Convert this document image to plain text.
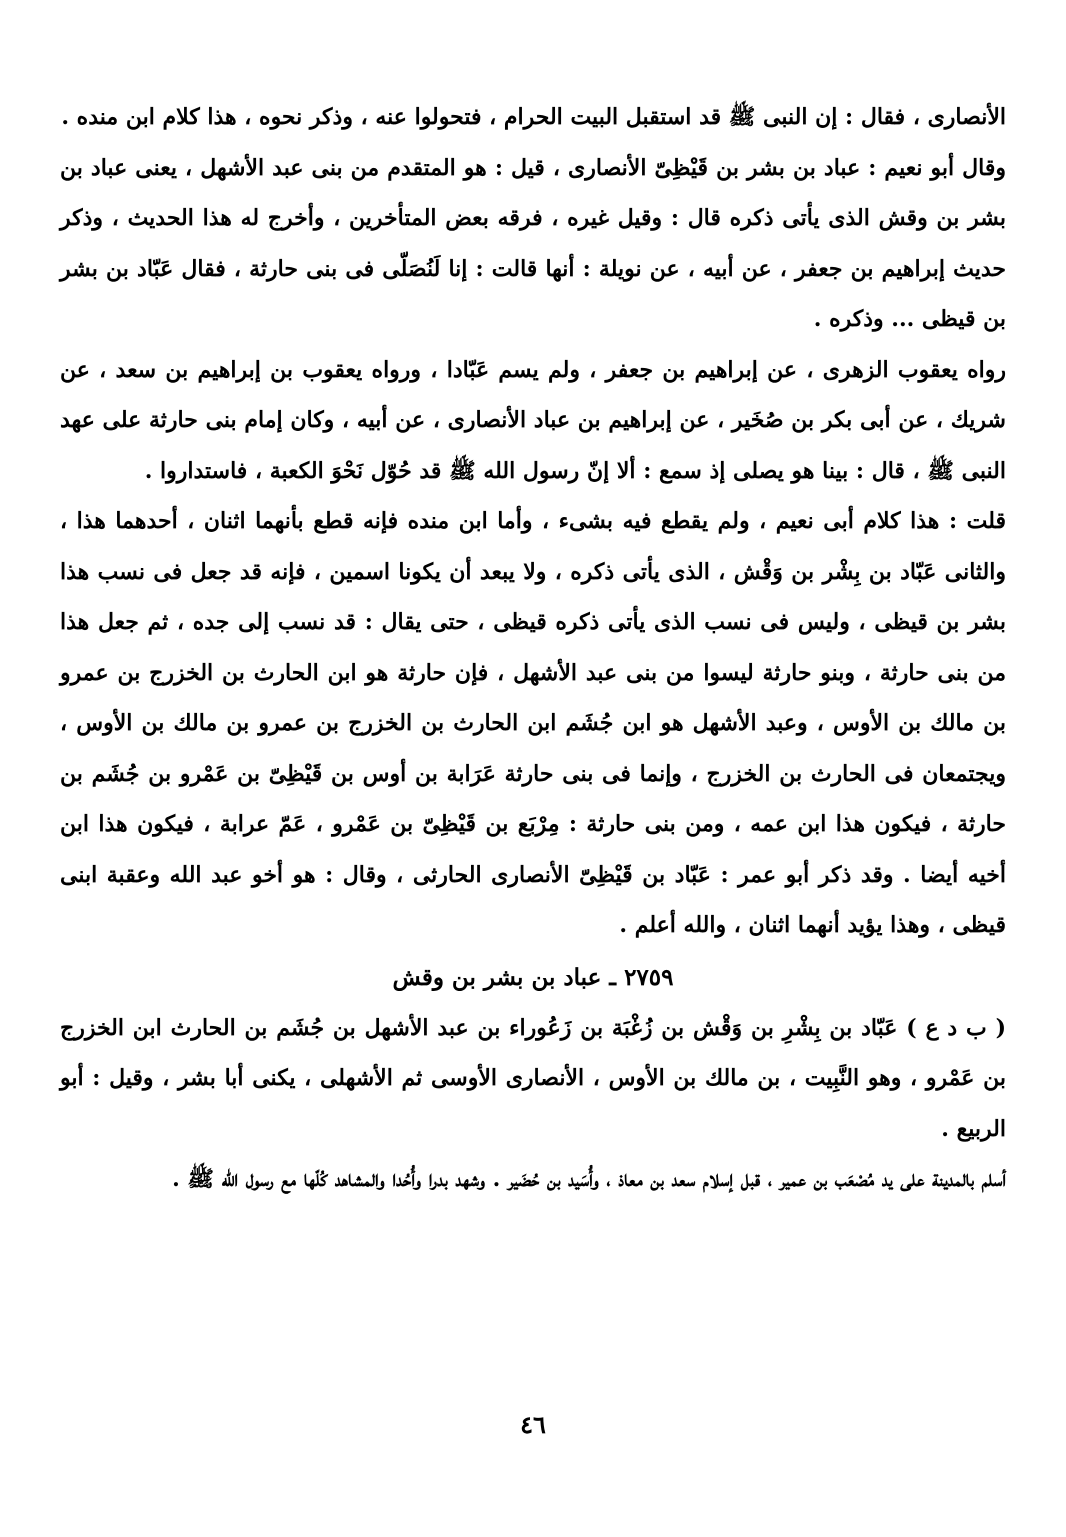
الأنصاری ، فقال : إن النبی ﷺ قد استقبل البیت الحرام ، فتحولوا عنه ، وذکر نحوه ، هذا کلام ابن منده .

وقال أبو نعیم : عباد بن بشر بن قَیْظِیّ الأنصاری ، قیل : هو المتقدم من بنی عبد الأشهل ، یعنی عباد بن بشر بن وقش الذی یأتی ذکره قال : وقیل غیره ، فرقه بعض المتأخرین ، وأخرج له هذا الحدیث ، وذکر حدیث إبراهیم بن جعفر ، عن أبیه ، عن نویلة : أنها قالت : إنا لَنُصَلّی فی بنی حارثة ، فقال عَبّاد بن بشر بن قیظی ... وذکره .

رواه یعقوب الزهری ، عن إبراهیم بن جعفر ، ولم یسم عَبّادا ، ورواه یعقوب بن إبراهیم بن سعد ، عن شریك ، عن أبی بکر بن صُخَیر ، عن إبراهیم بن عباد الأنصاری ، عن أبیه ، وکان إمام بنی حارثة علی عهد النبی ﷺ ، قال : بینا هو یصلی إذ سمع : ألا إنّ رسول الله ﷺ قد حُوّل نَحْوَ الکعبة ، فاستداروا .

قلت : هذا کلام أبی نعیم ، ولم یقطع فیه بشیء ، وأما ابن منده فإنه قطع بأنهما اثنان ، أحدهما هذا ، والثانی عَبّاد بن بِشْر بن وَقْش ، الذی یأتی ذکره ، ولا یبعد أن یکونا اسمین ، فإنه قد جعل فی نسب هذا بشر بن قیظی ، ولیس فی نسب الذی یأتی ذکره قیظی ، حتی یقال : قد نسب إلی جده ، ثم جعل هذا من بنی حارثة ، وبنو حارثة لیسوا من بنی عبد الأشهل ، فإن حارثة هو ابن الحارث بن الخزرج بن عمرو بن مالك بن الأوس ، وعبد الأشهل هو ابن جُشَم ابن الحارث بن الخزرج بن عمرو بن مالك بن الأوس ، ویجتمعان فی الحارث بن الخزرج ، وإنما فی بنی حارثة عَرَابة بن أوس بن قَیْظِیّ بن عَمْرو بن جُشَم بن حارثة ، فیکون هذا ابن عمه ، ومن بنی حارثة : مِرْبَع بن قَیْظِیّ بن عَمْرو ، عَمّ عرابة ، فیکون هذا ابن أخیه أیضا . وقد ذکر أبو عمر : عَبّاد بن قَیْظِیّ الأنصاری الحارثی ، وقال : هو أخو عبد الله وعقبة ابنی قیظی ، وهذا یؤید أنهما اثنان ، والله أعلم .

۲۷٥۹ ـ عباد بن بشر بن وقش

( ب د ع ) عَبّاد بن بِشْرِ بن وَقْش بن زُغْبَة بن زَعُوراء بن عبد الأشهل بن جُشَم بن الحارث ابن الخزرج بن عَمْرو ، وهو النَّبِیت ، بن مالك بن الأوس ، الأنصاری الأوسی ثم الأشهلی ، یکنی أبا بشر ، وقیل : أبو الربیع .

أسلم بالمدینة علی ید مُصْعَب بن عمیر ، قبل إسلام سعد بن معاذ ، وأُسَید بن حُضَیر . وشهد بدرا وأُحُدا والمشاهد کُلّها مع رسول الله ﷺ .

٤٦
